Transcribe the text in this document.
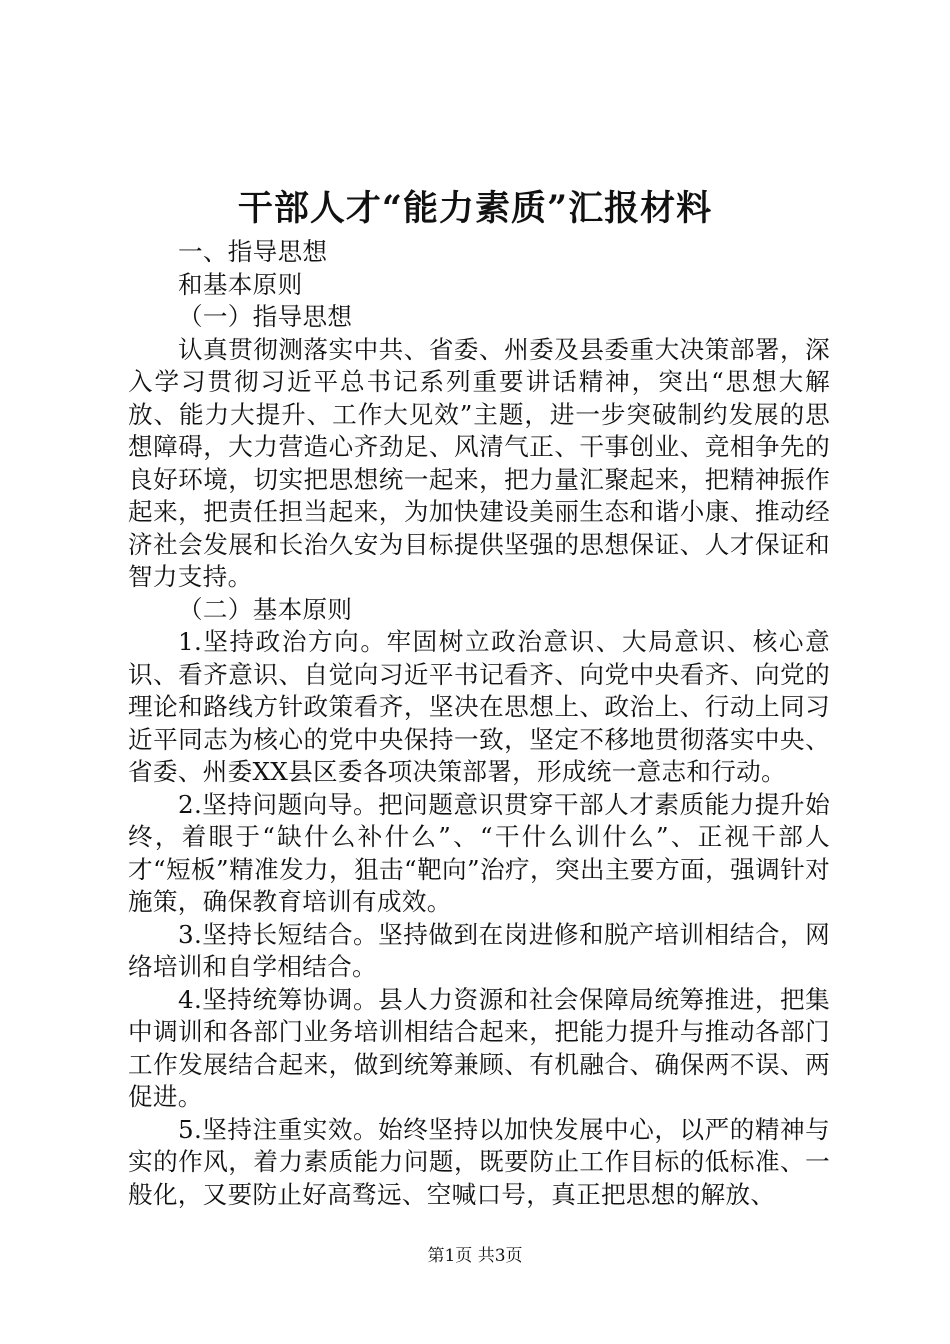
干部人才“能力素质”汇报材料

一、指导思想

和基本原则

（一）指导思想

认真贯彻测落实中共、省委、州委及县委重大决策部署，深入学习贯彻习近平总书记系列重要讲话精神，突出“思想大解放、能力大提升、工作大见效”主题，进一步突破制约发展的思想障碍，大力营造心齐劲足、风清气正、干事创业、竞相争先的良好环境，切实把思想统一起来，把力量汇聚起来，把精神振作起来，把责任担当起来，为加快建设美丽生态和谐小康、推动经济社会发展和长治久安为目标提供坚强的思想保证、人才保证和智力支持。

（二）基本原则

1.坚持政治方向。牢固树立政治意识、大局意识、核心意识、看齐意识、自觉向习近平书记看齐、向党中央看齐、向党的理论和路线方针政策看齐，坚决在思想上、政治上、行动上同习近平同志为核心的党中央保持一致，坚定不移地贯彻落实中央、省委、州委XX县区委各项决策部署，形成统一意志和行动。

2.坚持问题向导。把问题意识贯穿干部人才素质能力提升始终，着眼于“缺什么补什么”、“干什么训什么”、正视干部人才“短板”精准发力，狙击“靶向”治疗，突出主要方面，强调针对施策，确保教育培训有成效。

3.坚持长短结合。坚持做到在岗进修和脱产培训相结合，网络培训和自学相结合。

4.坚持统筹协调。县人力资源和社会保障局统筹推进，把集中调训和各部门业务培训相结合起来，把能力提升与推动各部门工作发展结合起来，做到统筹兼顾、有机融合、确保两不误、两促进。

5.坚持注重实效。始终坚持以加快发展中心，以严的精神与实的作风，着力素质能力问题，既要防止工作目标的低标准、一般化，又要防止好高骛远、空喊口号，真正把思想的解放、

第1页 共3页
